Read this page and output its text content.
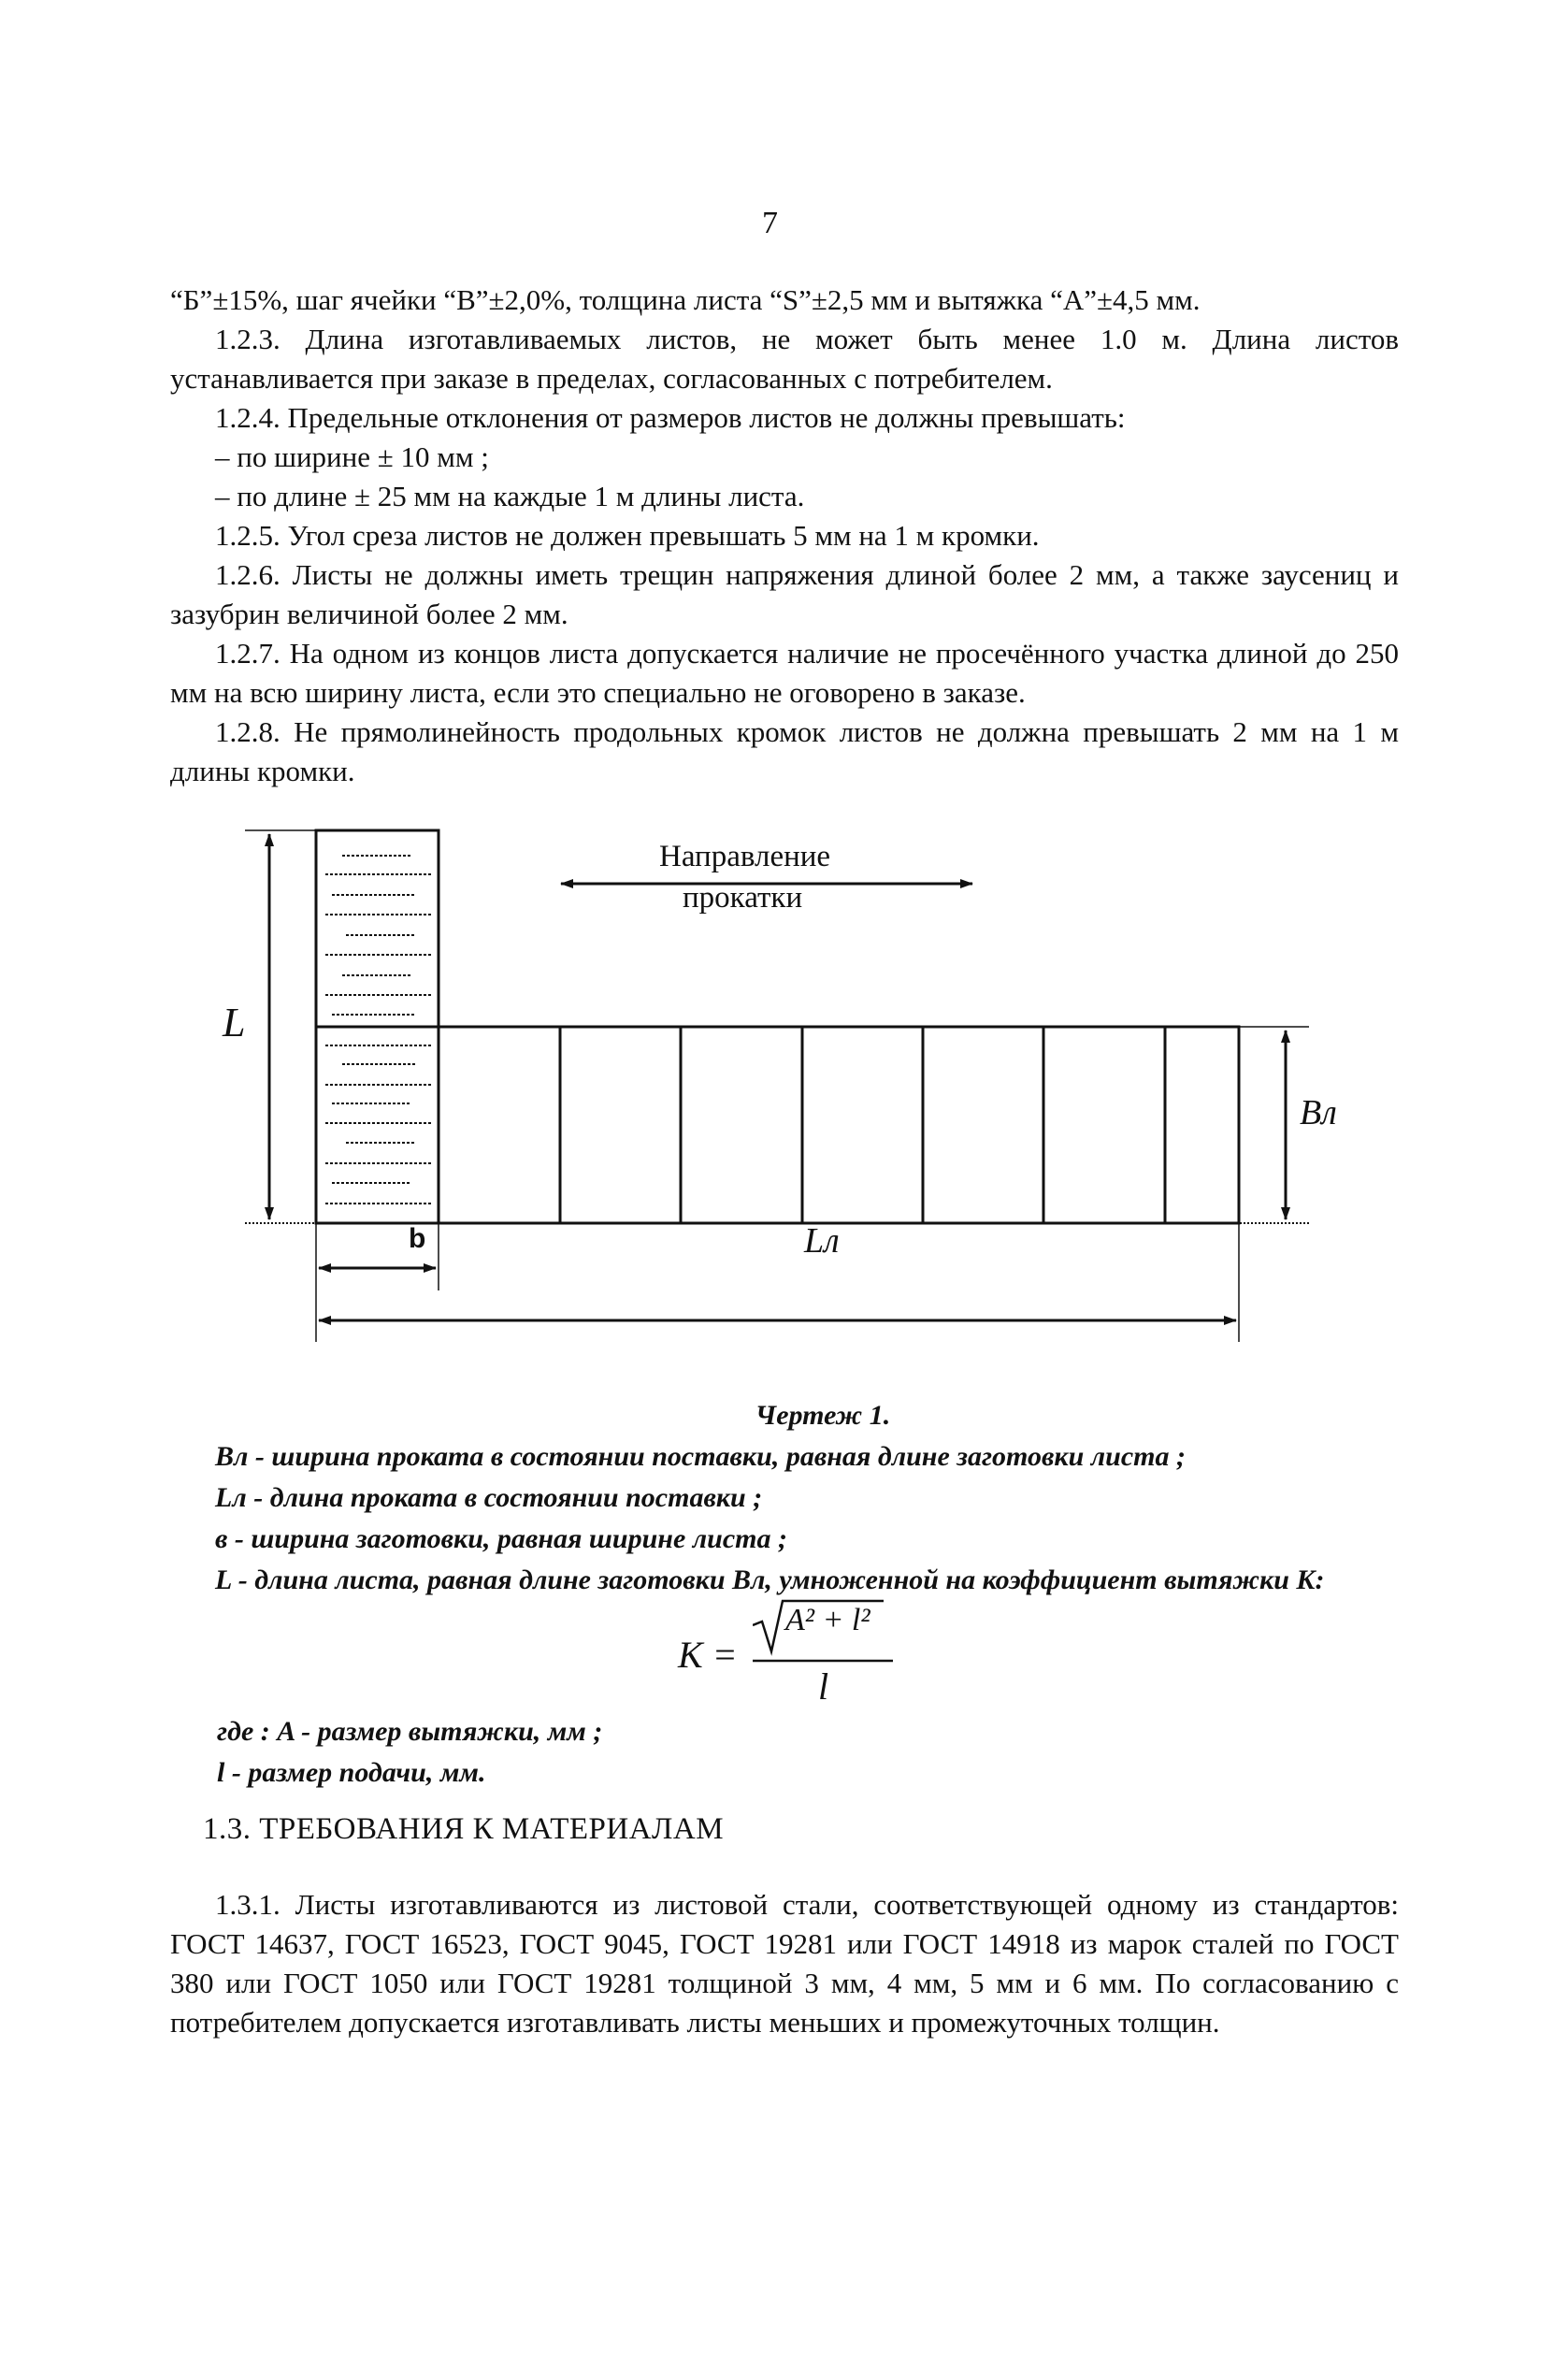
7

“Б”±15%, шаг ячейки “В”±2,0%, толщина листа “S”±2,5 мм и вытяжка “А”±4,5 мм.

1.2.3. Длина изготавливаемых листов, не может быть менее 1.0 м. Длина листов устанавливается при заказе в пределах, согласованных с потребителем.

1.2.4. Предельные отклонения от размеров листов не должны превышать:

– по ширине ± 10 мм ;

– по длине ± 25 мм на каждые 1 м длины листа.

1.2.5. Угол среза листов не должен превышать 5 мм на 1 м кромки.

1.2.6. Листы не должны иметь трещин напряжения длиной более 2 мм, а также заусениц и зазубрин величиной более 2 мм.

1.2.7. На одном из концов листа допускается наличие не просечённого участка длиной до 250 мм на всю ширину листа, если это специально не оговорено в заказе.

1.2.8. Не прямолинейность продольных кромок листов не должна превышать 2 мм на 1 м длины кромки.

Направление
прокатки
L
Bл
Lл
b
Чертеж 1.
Bл - ширина проката в состоянии поставки, равная длине заготовки листа ;
Lл - длина проката в состоянии поставки ;
в - ширина заготовки, равная ширине листа ;
L - длина листа, равная длине заготовки Bл, умноженной на коэффициент вытяжки K:
K =
A² + l²
l
где : A - размер вытяжки, мм ;
l - размер подачи, мм.
1.3. ТРЕБОВАНИЯ К МАТЕРИАЛАМ

1.3.1. Листы изготавливаются из листовой стали, соответствующей одному из стандартов: ГОСТ 14637, ГОСТ 16523, ГОСТ 9045, ГОСТ 19281 или ГОСТ 14918 из марок сталей по ГОСТ 380 или ГОСТ 1050 или ГОСТ 19281 толщиной 3 мм, 4 мм, 5 мм и 6 мм. По согласованию с потребителем допускается изготавливать листы меньших и промежуточных толщин.
